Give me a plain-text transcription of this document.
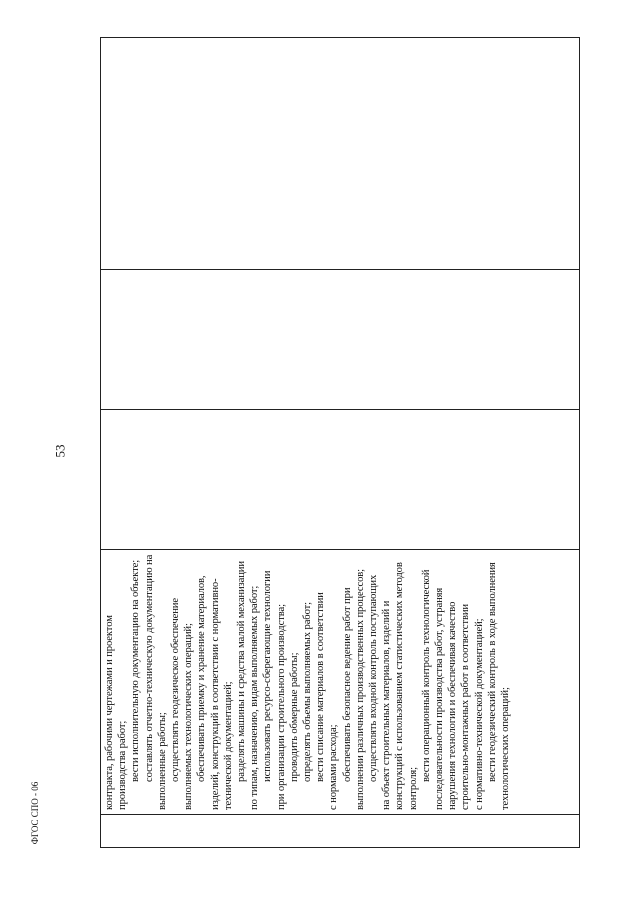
контракта, рабочими чертежами и проектом производства работ; вести исполнительную документацию на объекте; составлять отчетно-техническую документацию на выполненные работы; осуществлять геодезическое обеспечение выполняемых технологических операций; обеспечивать приемку и хранение материалов, изделий, конструкций в соответствии с нормативно- технической документацией; разделять машины и средства малой механизации по типам, назначению, видам выполняемых работ; использовать ресурсо-сберегающие технологии при организации строительного производства; проводить обмерные работы; определять объемы выполняемых работ; вести списание материалов в соответствии с нормами расхода; обеспечивать безопасное ведение работ при выполнении различных производственных процессов; осуществлять входной контроль поступающих на объект строительных материалов, изделий и конструкций с использованием статистических методов контроля;
вести операционный контроль технологической последовательности производства работ, устраняя нарушения технологии и обеспечивая качество строительно-монтажных работ в соответствии с нормативно-технической документацией; вести геодезический контроль в ходе выполнения технологических операций;

53
ФГОС СПО - 06
